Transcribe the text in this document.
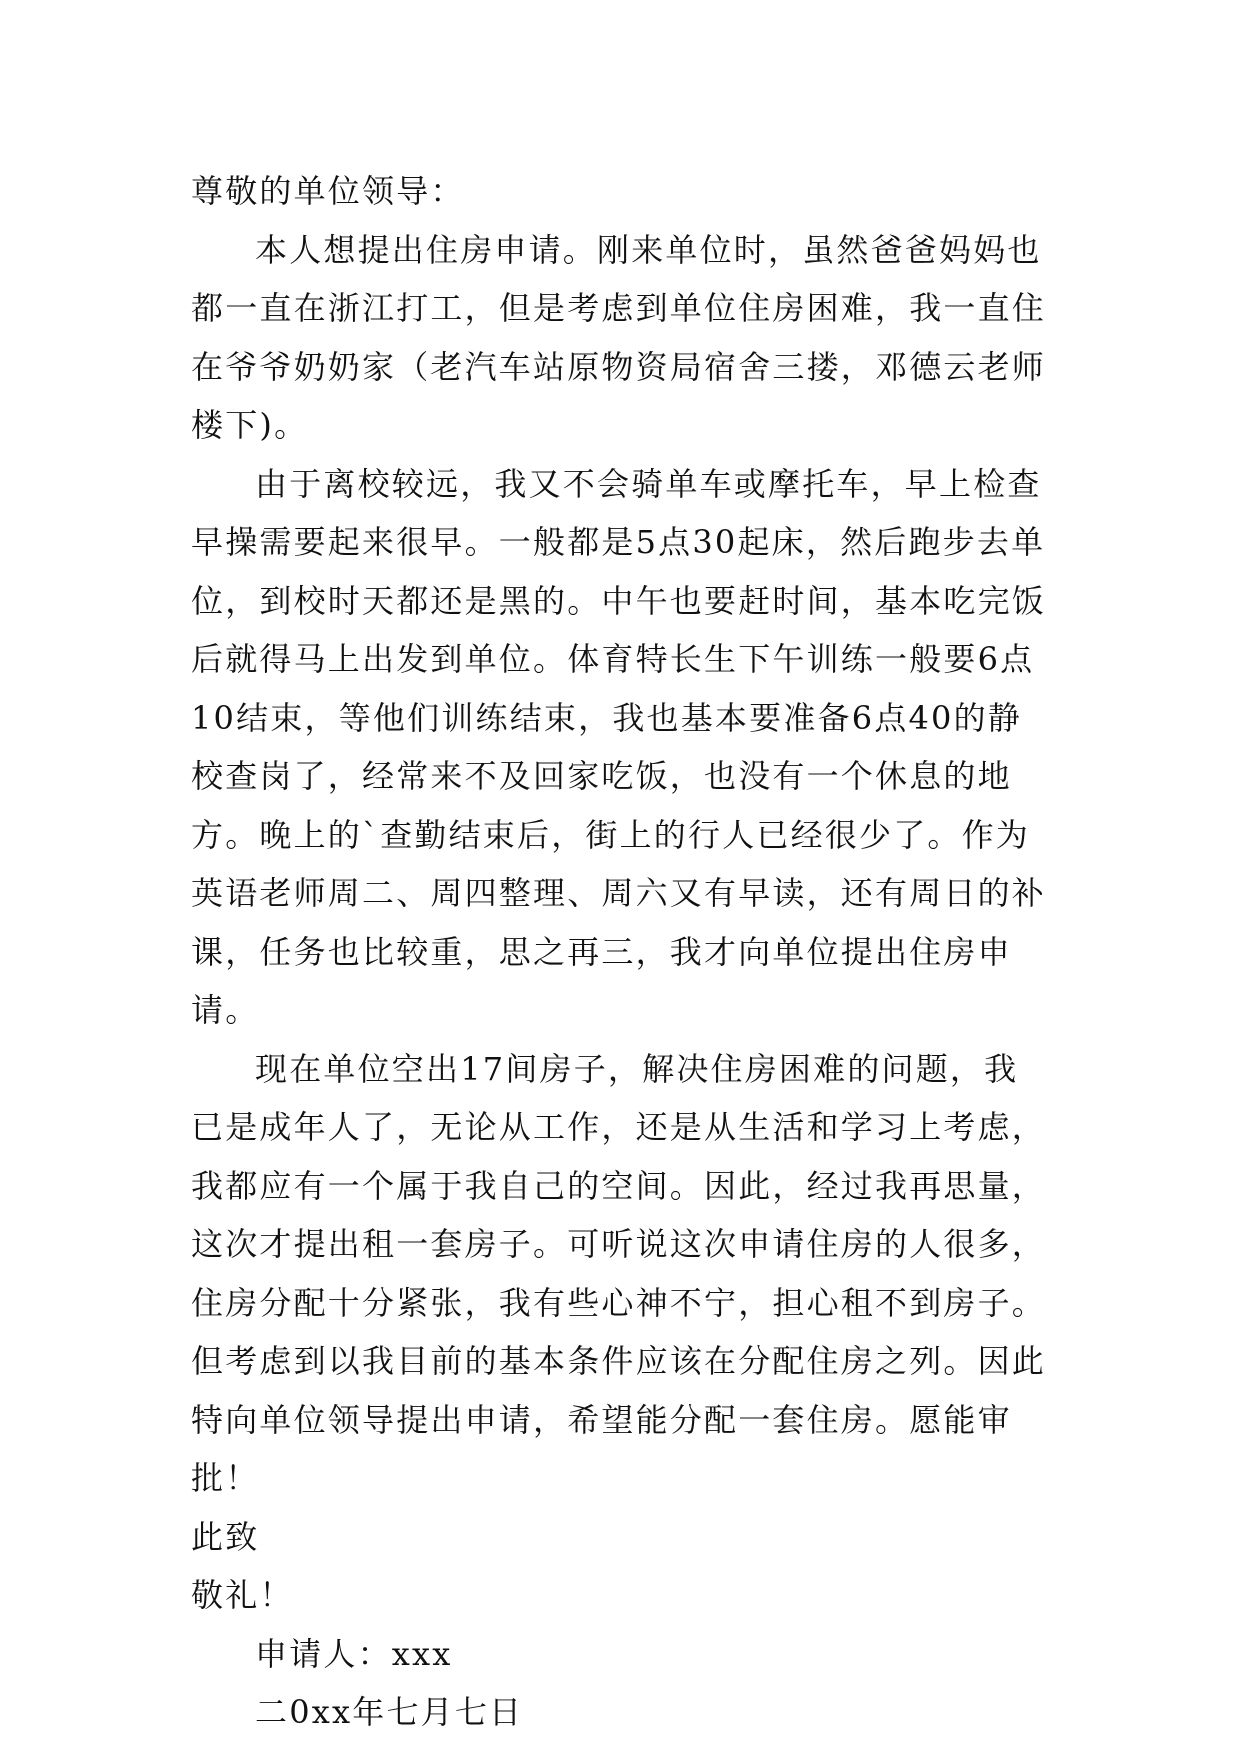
尊敬的单位领导：

本人想提出住房申请。刚来单位时，虽然爸爸妈妈也都一直在浙江打工，但是考虑到单位住房困难，我一直住在爷爷奶奶家（老汽车站原物资局宿舍三搂，邓德云老师楼下)。

由于离校较远，我又不会骑单车或摩托车，早上检查早操需要起来很早。一般都是5点30起床，然后跑步去单位，到校时天都还是黑的。中午也要赶时间，基本吃完饭后就得马上出发到单位。体育特长生下午训练一般要6点10结束，等他们训练结束，我也基本要准备6点40的静校查岗了，经常来不及回家吃饭，也没有一个休息的地方。晚上的`查勤结束后，街上的行人已经很少了。作为英语老师周二、周四整理、周六又有早读，还有周日的补课，任务也比较重，思之再三，我才向单位提出住房申请。

现在单位空出17间房子，解决住房困难的问题，我已是成年人了，无论从工作，还是从生活和学习上考虑，我都应有一个属于我自己的空间。因此，经过我再思量，这次才提出租一套房子。可听说这次申请住房的人很多，住房分配十分紧张，我有些心神不宁，担心租不到房子。但考虑到以我目前的基本条件应该在分配住房之列。因此特向单位领导提出申请，希望能分配一套住房。愿能审批！

此致

敬礼！

申请人：xxx

二0xx年七月七日
